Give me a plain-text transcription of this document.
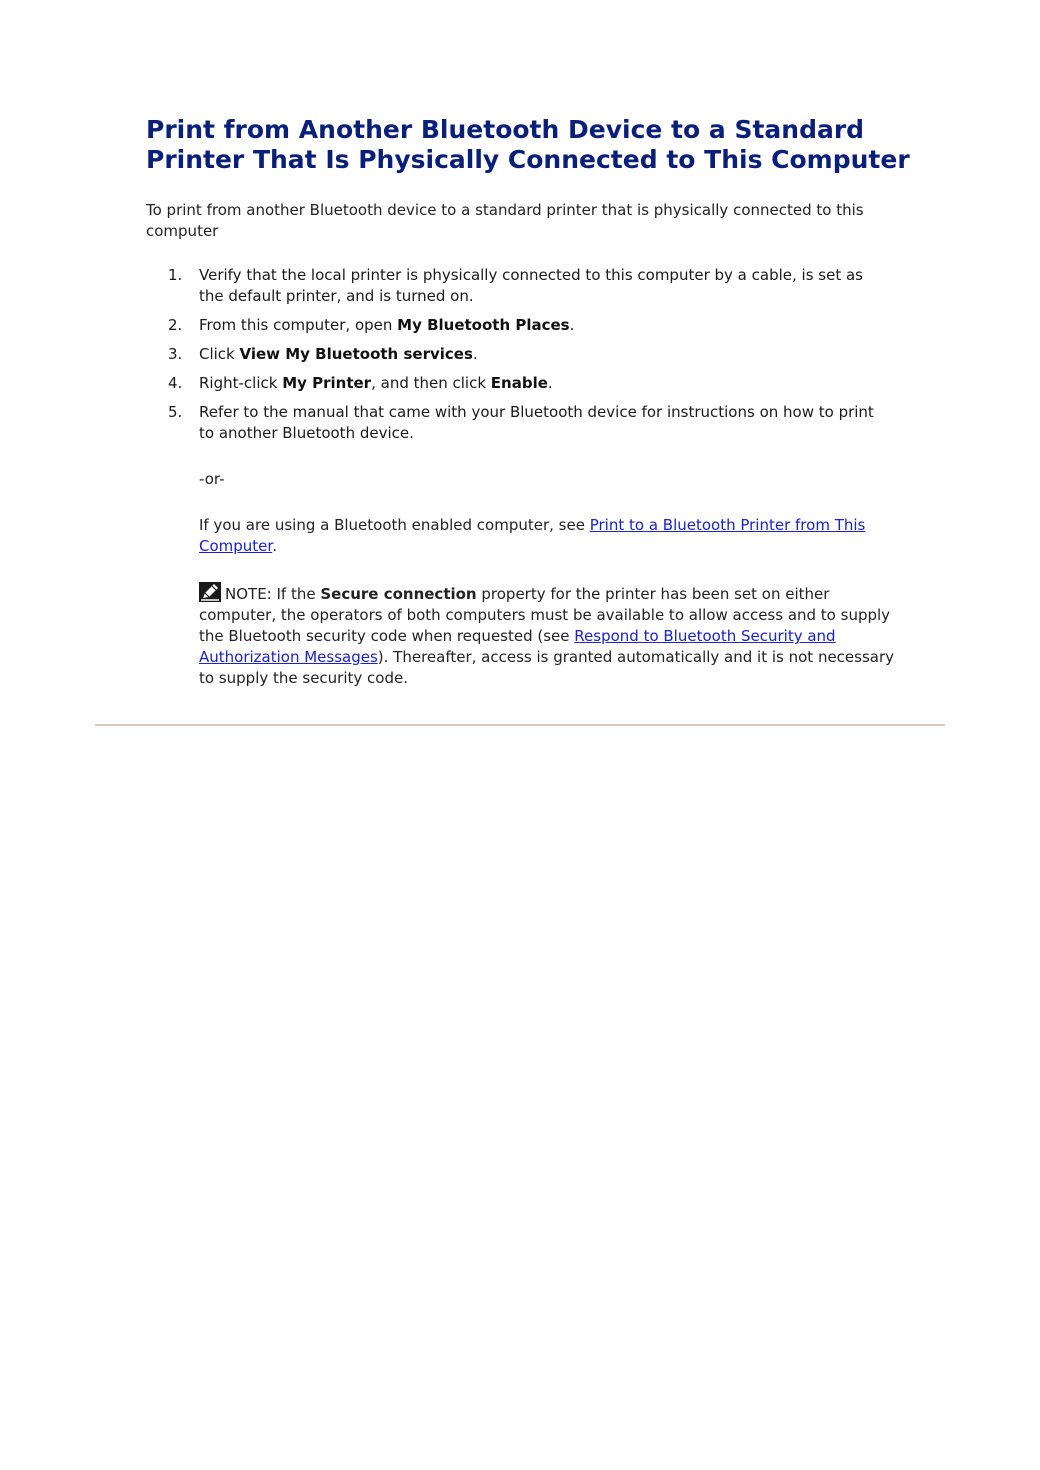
Print from Another Bluetooth Device to a Standard
Printer That Is Physically Connected to This Computer

To print from another Bluetooth device to a standard printer that is physically connected to this computer

1. Verify that the local printer is physically connected to this computer by a cable, is set as the default printer, and is turned on.
2. From this computer, open My Bluetooth Places.
3. Click View My Bluetooth services.
4. Right-click My Printer, and then click Enable.
5. Refer to the manual that came with your Bluetooth device for instructions on how to print to another Bluetooth device.

-or-

If you are using a Bluetooth enabled computer, see Print to a Bluetooth Printer from This Computer.

NOTE: If the Secure connection property for the printer has been set on either computer, the operators of both computers must be available to allow access and to supply the Bluetooth security code when requested (see Respond to Bluetooth Security and Authorization Messages). Thereafter, access is granted automatically and it is not necessary to supply the security code.
